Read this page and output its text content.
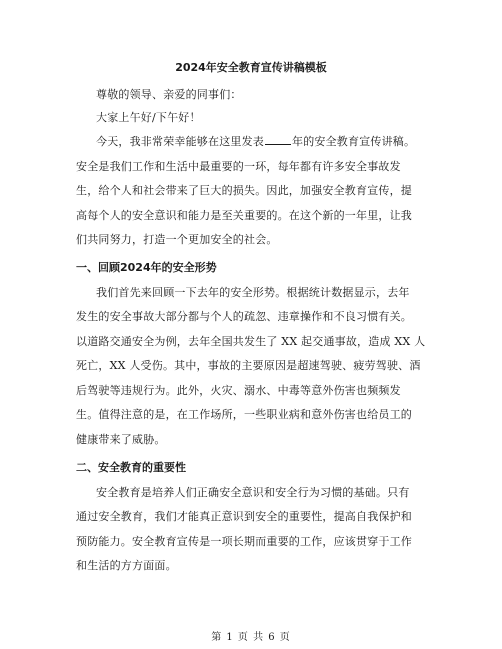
2024年安全教育宣传讲稿模板
尊敬的领导、亲爱的同事们：
大家上午好/下午好！
今天，我非常荣幸能够在这里发表	年的安全教育宣传讲稿。
安全是我们工作和生活中最重要的一环，每年都有许多安全事故发
生，给个人和社会带来了巨大的损失。因此，加强安全教育宣传，提
高每个人的安全意识和能力是至关重要的。在这个新的一年里，让我
们共同努力，打造一个更加安全的社会。
一、回顾2024年的安全形势
我们首先来回顾一下去年的安全形势。根据统计数据显示，去年
发生的安全事故大部分都与个人的疏忽、违章操作和不良习惯有关。
以道路交通安全为例，去年全国共发生了 XX 起交通事故，造成 XX 人
死亡，XX 人受伤。其中，事故的主要原因是超速驾驶、疲劳驾驶、酒
后驾驶等违规行为。此外，火灾、溺水、中毒等意外伤害也频频发
生。值得注意的是，在工作场所，一些职业病和意外伤害也给员工的
健康带来了威胁。
二、安全教育的重要性
安全教育是培养人们正确安全意识和安全行为习惯的基础。只有
通过安全教育，我们才能真正意识到安全的重要性，提高自我保护和
预防能力。安全教育宣传是一项长期而重要的工作，应该贯穿于工作
和生活的方方面面。
第 1 页 共 6 页
